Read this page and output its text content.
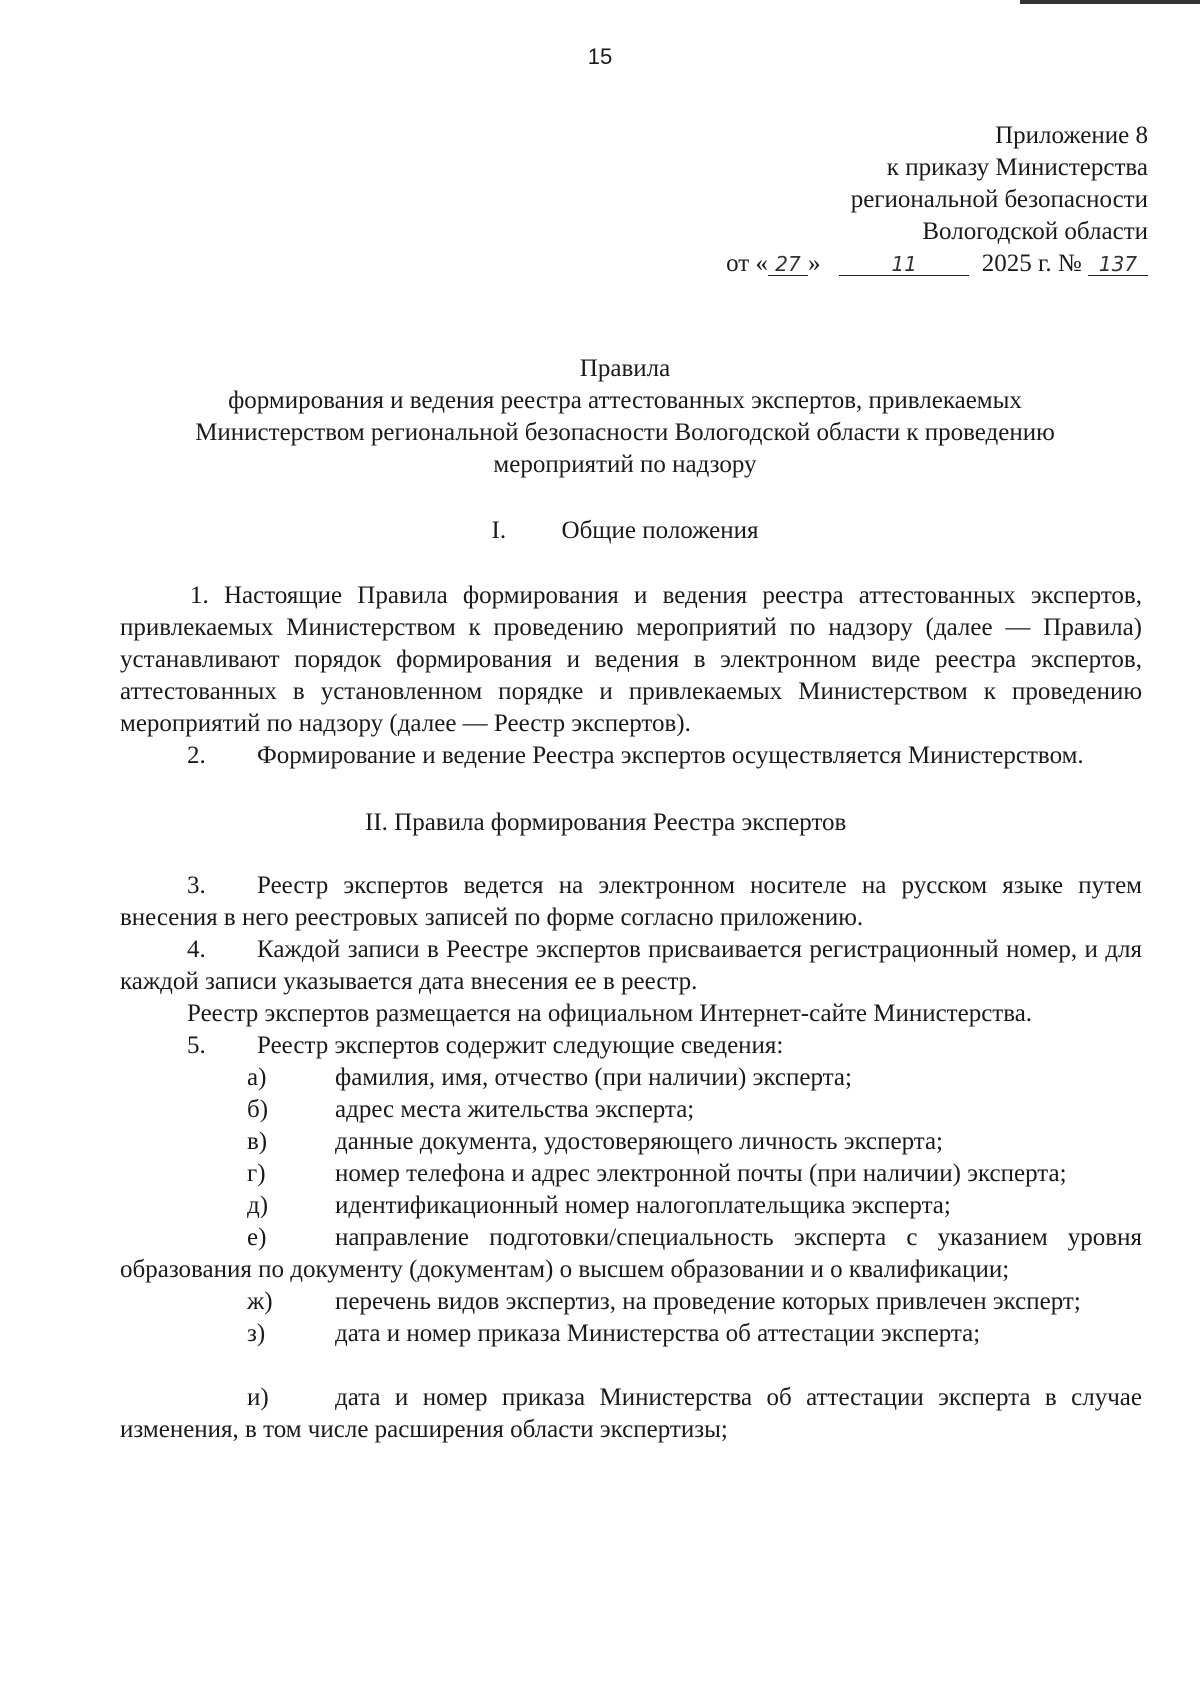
15
Приложение 8
к приказу Министерства
региональной безопасности
Вологодской области
от « 27 »	11	2025 г. № 137
Правила
формирования и ведения реестра аттестованных экспертов, привлекаемых
Министерством региональной безопасности Вологодской области к проведению
мероприятий по надзору
I. Общие положения

1. Настоящие Правила формирования и ведения реестра аттестованных экспертов, привлекаемых Министерством к проведению мероприятий по надзору (далее — Правила) устанавливают порядок формирования и ведения в электронном виде реестра экспертов, аттестованных в установленном порядке и привлекаемых Министерством к проведению мероприятий по надзору (далее — Реестр экспертов).

2. Формирование и ведение Реестра экспертов осуществляется Министерством.

II. Правила формирования Реестра экспертов

3. Реестр экспертов ведется на электронном носителе на русском языке путем внесения в него реестровых записей по форме согласно приложению.

4. Каждой записи в Реестре экспертов присваивается регистрационный номер, и для каждой записи указывается дата внесения ее в реестр.

Реестр экспертов размещается на официальном Интернет-сайте Министерства.

5. Реестр экспертов содержит следующие сведения:

а)	фамилия, имя, отчество (при наличии) эксперта;

б)	адрес места жительства эксперта;

в)	данные документа, удостоверяющего личность эксперта;

г)	номер телефона и адрес электронной почты (при наличии) эксперта;

д)	идентификационный номер налогоплательщика эксперта;

е)	направление подготовки/специальность эксперта с указанием уровня образования по документу (документам) о высшем образовании и о квалификации;

ж) перечень видов экспертиз, на проведение которых привлечен эксперт;

з)	дата и номер приказа Министерства об аттестации эксперта;

и)	дата и номер приказа Министерства об аттестации эксперта в случае изменения, в том числе расширения области экспертизы;
